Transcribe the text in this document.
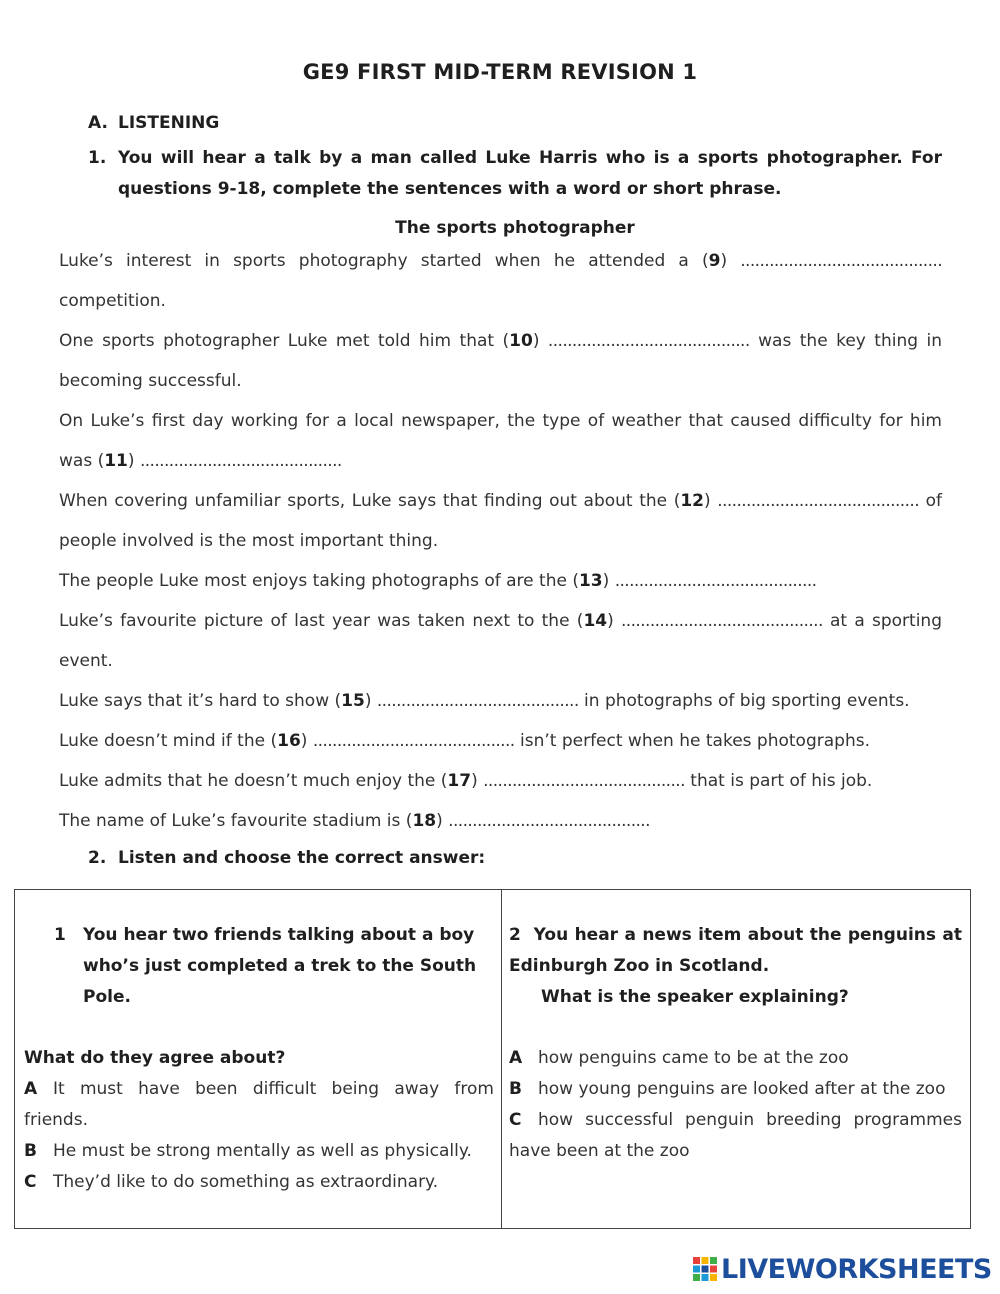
GE9 FIRST MID-TERM REVISION 1
A. LISTENING
1. You will hear a talk by a man called Luke Harris who is a sports photographer. For questions 9-18, complete the sentences with a word or short phrase.
The sports photographer

Luke’s interest in sports photography started when he attended a (9) .......................................... competition.

One sports photographer Luke met told him that (10) .......................................... was the key thing in becoming successful.

On Luke’s first day working for a local newspaper, the type of weather that caused difficulty for him was (11) ..........................................

When covering unfamiliar sports, Luke says that finding out about the (12) .......................................... of people involved is the most important thing.

The people Luke most enjoys taking photographs of are the (13) ..........................................

Luke’s favourite picture of last year was taken next to the (14) .......................................... at a sporting event.

Luke says that it’s hard to show (15) .......................................... in photographs of big sporting events.

Luke doesn’t mind if the (16) .......................................... isn’t perfect when he takes photographs.

Luke admits that he doesn’t much enjoy the (17) .......................................... that is part of his job.

The name of Luke’s favourite stadium is (18) ..........................................

2. Listen and choose the correct answer:
1 You hear two friends talking about a boy who’s just completed a trek to the South Pole.
What do they agree about?
A It must have been difficult being away from friends.
B He must be strong mentally as well as physically.
C They’d like to do something as extraordinary.
2 You hear a news item about the penguins at Edinburgh Zoo in Scotland.
What is the speaker explaining?
A how penguins came to be at the zoo
B how young penguins are looked after at the zoo
C how successful penguin breeding programmes have been at the zoo
LIVEWORKSHEETS
